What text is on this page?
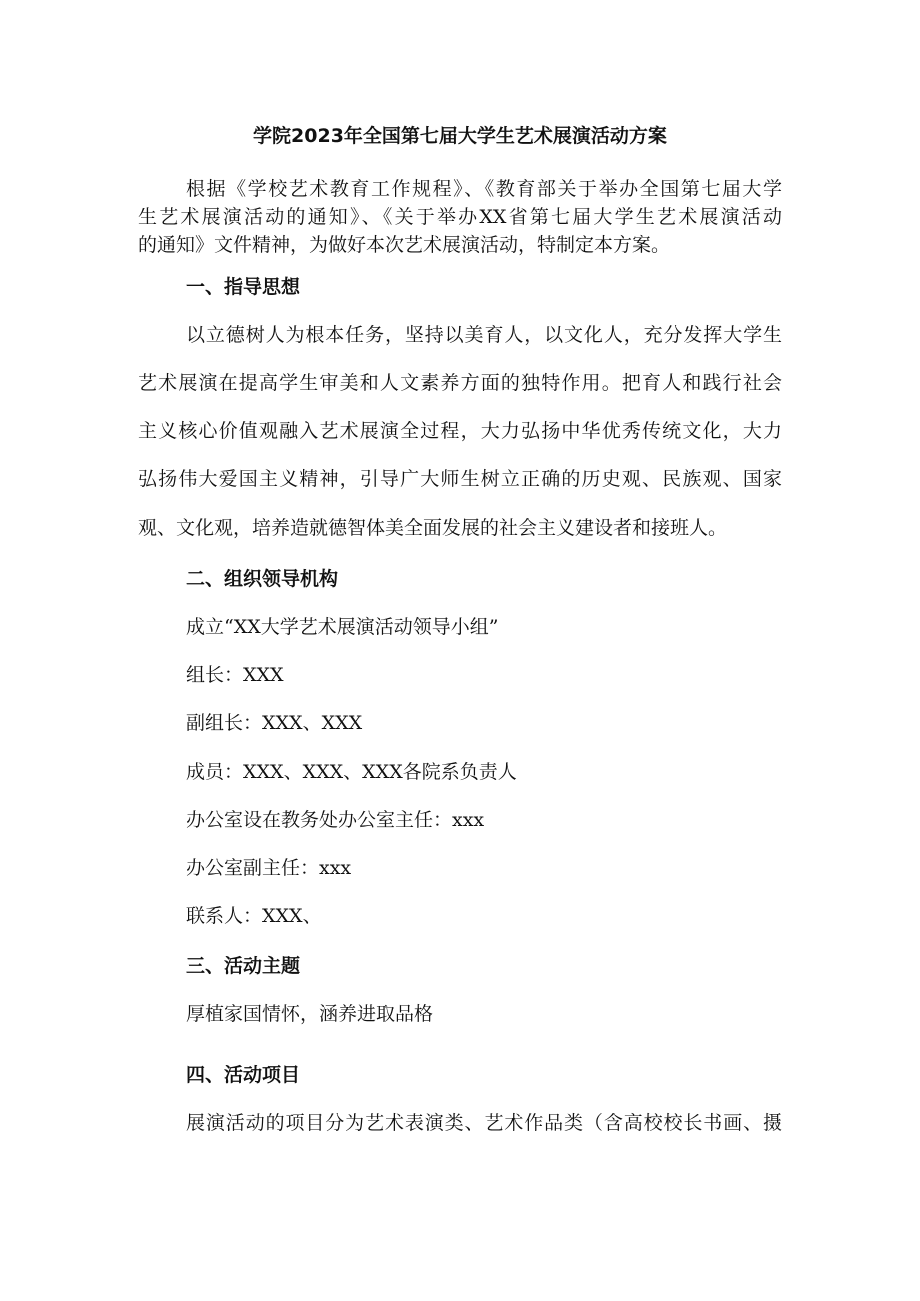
学院2023年全国第七届大学生艺术展演活动方案
根据《学校艺术教育工作规程》、《教育部关于举办全国第七届大学
生艺术展演活动的通知》、《关于举办XX省第七届大学生艺术展演活动
的通知》文件精神，为做好本次艺术展演活动，特制定本方案。
一、指导思想
以立德树人为根本任务，坚持以美育人，以文化人，充分发挥大学生
艺术展演在提高学生审美和人文素养方面的独特作用。把育人和践行社会
主义核心价值观融入艺术展演全过程，大力弘扬中华优秀传统文化，大力
弘扬伟大爱国主义精神，引导广大师生树立正确的历史观、民族观、国家
观、文化观，培养造就德智体美全面发展的社会主义建设者和接班人。
二、组织领导机构
成立“XX大学艺术展演活动领导小组”
组长：XXX
副组长：XXX、XXX
成员：XXX、XXX、XXX各院系负责人
办公室设在教务处办公室主任：xxx
办公室副主任：xxx
联系人：XXX、
三、活动主题
厚植家国情怀，涵养进取品格
四、活动项目
展演活动的项目分为艺术表演类、艺术作品类（含高校校长书画、摄
